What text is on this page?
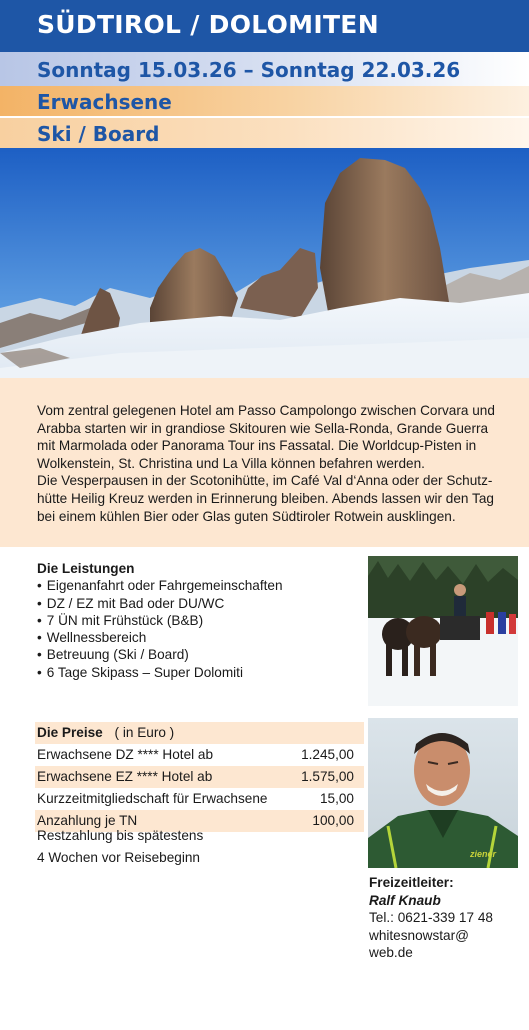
SÜDTIROL / DOLOMITEN
Sonntag 15.03.26 – Sonntag 22.03.26
Erwachsene
Ski / Board

Vom zentral gelegenen Hotel am Passo Campolongo zwischen Corvara und
Arabba starten wir in grandiose Skitouren wie Sella-Ronda, Grande Guerra
mit Marmolada oder Panorama Tour ins Fassatal. Die Worldcup-Pisten in
Wolkenstein, St. Christina und La Villa können befahren werden.
Die Vesperpausen in der Scotonihütte, im Café Val d‘Anna oder der Schutz-
hütte Heilig Kreuz werden in Erinnerung bleiben. Abends lassen wir den Tag
bei einem kühlen Bier oder Glas guten Südtiroler Rotwein ausklingen.

Die Leistungen
• Eigenanfahrt oder Fahrgemeinschaften
• DZ / EZ mit Bad oder DU/WC
• 7 ÜN mit Frühstück (B&B)
• Wellnessbereich
• Betreuung (Ski / Board)
• 6 Tage Skipass – Super Dolomiti
Die Preise ( in Euro )
Erwachsene DZ **** Hotel ab	1.245,00
Erwachsene EZ **** Hotel ab	1.575,00
Kurzzeitmitgliedschaft für Erwachsene	15,00
Anzahlung je TN	100,00
Restzahlung bis spätestens
4 Wochen vor Reisebeginn	ziener
Freizeitleiter:
Ralf Knaub
Tel.: 0621-339 17 48
whitesnowstar@
web.de
